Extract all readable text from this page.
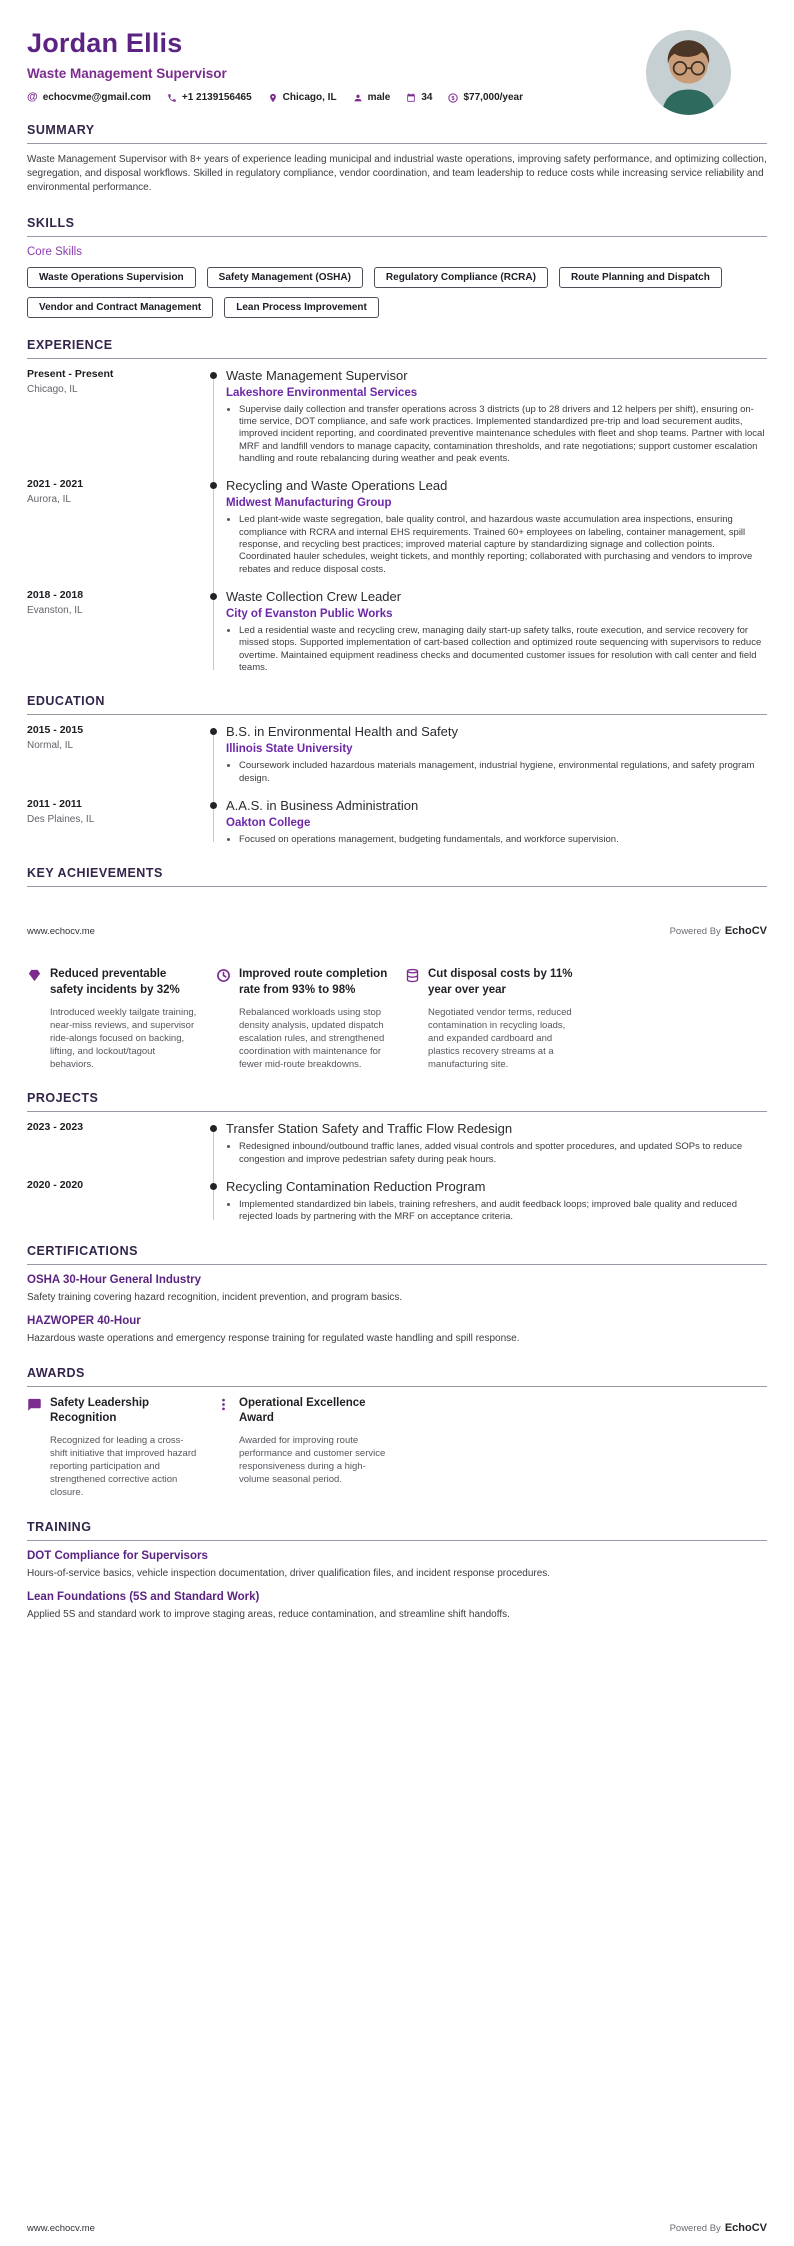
Jordan Ellis
Waste Management Supervisor
@ echocvme@gmail.com	+1 2139156465	Chicago, IL	male	34 $ $77,000/year
SUMMARY

Waste Management Supervisor with 8+ years of experience leading municipal and industrial waste operations, improving safety performance, and optimizing collection, segregation, and disposal workflows. Skilled in regulatory compliance, vendor coordination, and team leadership to reduce costs while increasing service reliability and environmental performance.

SKILLS
Core Skills
Waste Operations Supervision	Safety Management (OSHA)	Regulatory Compliance (RCRA)	Route Planning and Dispatch
Vendor and Contract Management	Lean Process Improvement
EXPERIENCE
Present - Present
Chicago, IL
Waste Management Supervisor
Lakeshore Environmental Services
• Supervise daily collection and transfer operations across 3 districts (up to 28 drivers and 12 helpers per shift), ensuring on-time service, DOT compliance, and safe work practices. Implemented standardized pre-trip and load securement audits, improved incident reporting, and coordinated preventive maintenance schedules with fleet and shop teams. Partner with local MRF and landfill vendors to manage capacity, contamination thresholds, and rate negotiations; support customer escalation handling and route rebalancing during weather and peak events.
2021 - 2021
Aurora, IL
Recycling and Waste Operations Lead
Midwest Manufacturing Group
• Led plant-wide waste segregation, bale quality control, and hazardous waste accumulation area inspections, ensuring compliance with RCRA and internal EHS requirements. Trained 60+ employees on labeling, container management, spill response, and recycling best practices; improved material capture by standardizing signage and collection points. Coordinated hauler schedules, weight tickets, and monthly reporting; collaborated with purchasing and vendors to improve rebates and reduce disposal costs.
2018 - 2018
Evanston, IL
Waste Collection Crew Leader
City of Evanston Public Works
• Led a residential waste and recycling crew, managing daily start-up safety talks, route execution, and service recovery for missed stops. Supported implementation of cart-based collection and optimized route sequencing with supervisors to reduce overtime. Maintained equipment readiness checks and documented customer issues for resolution with call center and field teams.
EDUCATION
2015 - 2015
Normal, IL
B.S. in Environmental Health and Safety
Illinois State University
• Coursework included hazardous materials management, industrial hygiene, environmental regulations, and safety program design.
2011 - 2011
Des Plaines, IL
A.A.S. in Business Administration
Oakton College
• Focused on operations management, budgeting fundamentals, and workforce supervision.
KEY ACHIEVEMENTS
www.echocv.me	Powered By EchoCV
Reduced preventable safety incidents by 32%
Introduced weekly tailgate training, near-miss reviews, and supervisor ride-alongs focused on backing, lifting, and lockout/tagout behaviors.
Improved route completion rate from 93% to 98%
Rebalanced workloads using stop density analysis, updated dispatch escalation rules, and strengthened coordination with maintenance for fewer mid-route breakdowns.
Cut disposal costs by 11% year over year
Negotiated vendor terms, reduced contamination in recycling loads, and expanded cardboard and plastics recovery streams at a manufacturing site.
PROJECTS
2023 - 2023	Transfer Station Safety and Traffic Flow Redesign
• Redesigned inbound/outbound traffic lanes, added visual controls and spotter procedures, and updated SOPs to reduce congestion and improve pedestrian safety during peak hours.
2020 - 2020	Recycling Contamination Reduction Program
• Implemented standardized bin labels, training refreshers, and audit feedback loops; improved bale quality and reduced rejected loads by partnering with the MRF on acceptance criteria.
CERTIFICATIONS
OSHA 30-Hour General Industry
Safety training covering hazard recognition, incident prevention, and program basics.
HAZWOPER 40-Hour
Hazardous waste operations and emergency response training for regulated waste handling and spill response.
AWARDS
Safety Leadership Recognition
Recognized for leading a cross-shift initiative that improved hazard reporting participation and strengthened corrective action closure.
Operational Excellence Award
Awarded for improving route performance and customer service responsiveness during a high-volume seasonal period.
TRAINING
DOT Compliance for Supervisors
Hours-of-service basics, vehicle inspection documentation, driver qualification files, and incident response procedures.
Lean Foundations (5S and Standard Work)
Applied 5S and standard work to improve staging areas, reduce contamination, and streamline shift handoffs.
www.echocv.me	Powered By EchoCV
